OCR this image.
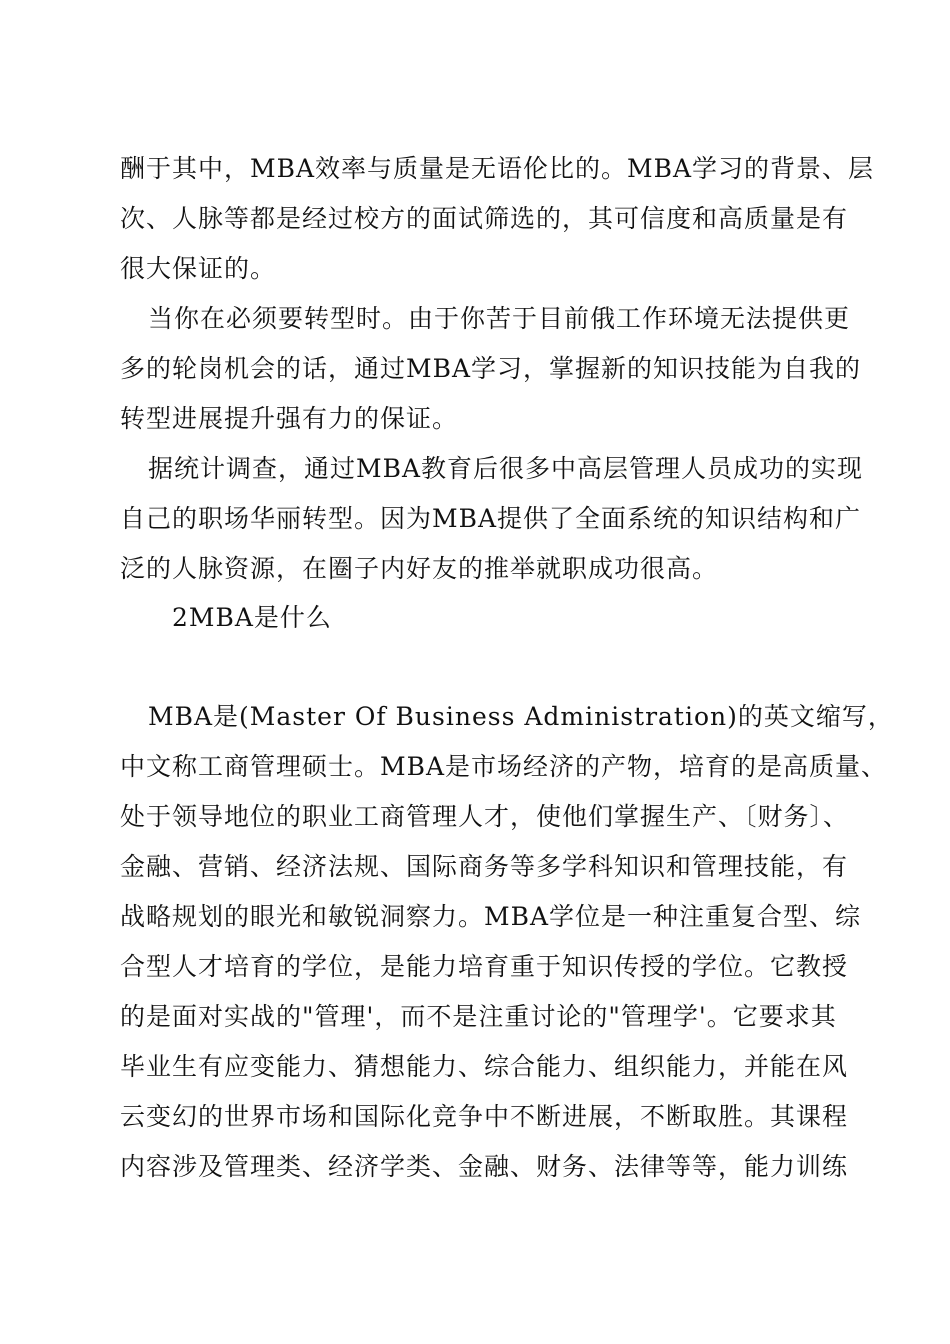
酬于其中，MBA效率与质量是无语伦比的。MBA学习的背景、层
次、人脉等都是经过校方的面试筛选的，其可信度和高质量是有
很大保证的。
当你在必须要转型时。由于你苦于目前俄工作环境无法提供更
多的轮岗机会的话，通过MBA学习，掌握新的知识技能为自我的
转型进展提升强有力的保证。
据统计调查，通过MBA教育后很多中高层管理人员成功的实现
自己的职场华丽转型。因为MBA提供了全面系统的知识结构和广
泛的人脉资源，在圈子内好友的推举就职成功很高。
2MBA是什么
MBA是(Master Of Business Administration)的英文缩写，
中文称工商管理硕士。MBA是市场经济的产物，培育的是高质量、
处于领导地位的职业工商管理人才，使他们掌握生产、〔财务〕、
金融、营销、经济法规、国际商务等多学科知识和管理技能，有
战略规划的眼光和敏锐洞察力。MBA学位是一种注重复合型、综
合型人才培育的学位，是能力培育重于知识传授的学位。它教授
的是面对实战的"管理'，而不是注重讨论的"管理学'。它要求其
毕业生有应变能力、猜想能力、综合能力、组织能力，并能在风
云变幻的世界市场和国际化竞争中不断进展，不断取胜。其课程
内容涉及管理类、经济学类、金融、财务、法律等等，能力训练
